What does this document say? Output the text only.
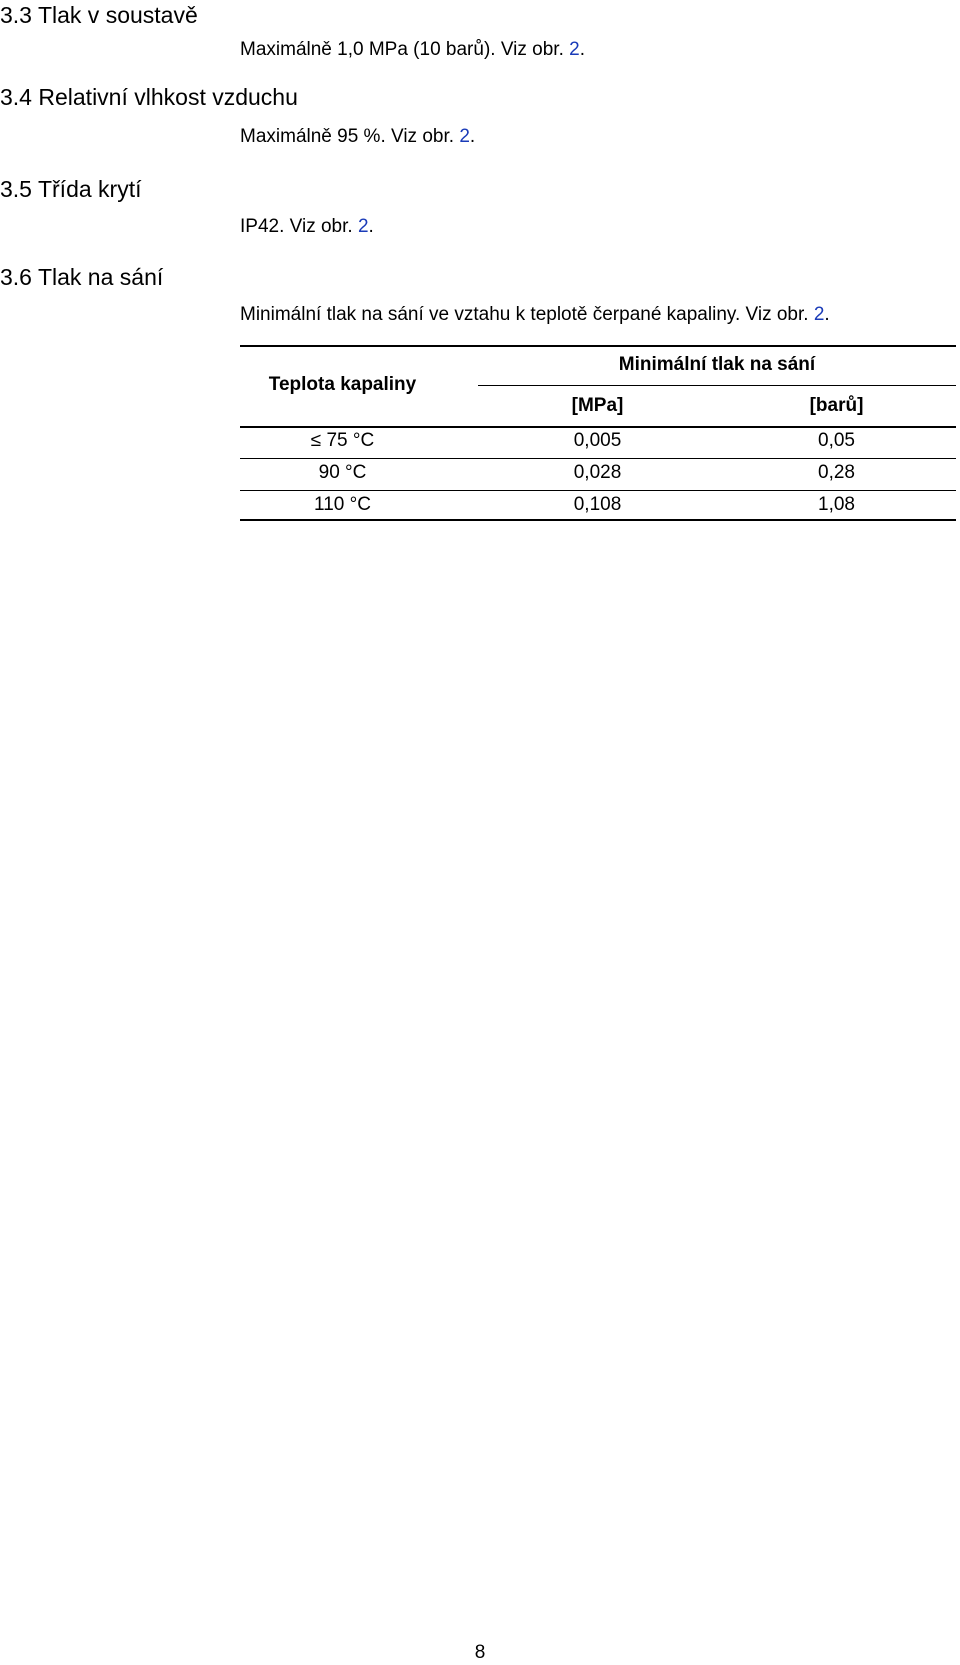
3.3 Tlak v soustavě

Maximálně 1,0 MPa (10 barů). Viz obr. 2.

3.4 Relativní vlhkost vzduchu

Maximálně 95 %. Viz obr. 2.

3.5 Třída krytí

IP42. Viz obr. 2.

3.6 Tlak na sání

Minimální tlak na sání ve vztahu k teplotě čerpané kapaliny. Viz obr. 2.

Teplota kapaliny
Minimální tlak na sání
[MPa]	[barů]
≤ 75 °C	0,005	0,05
90 °C	0,028	0,28
110 °C	0,108	1,08
8
